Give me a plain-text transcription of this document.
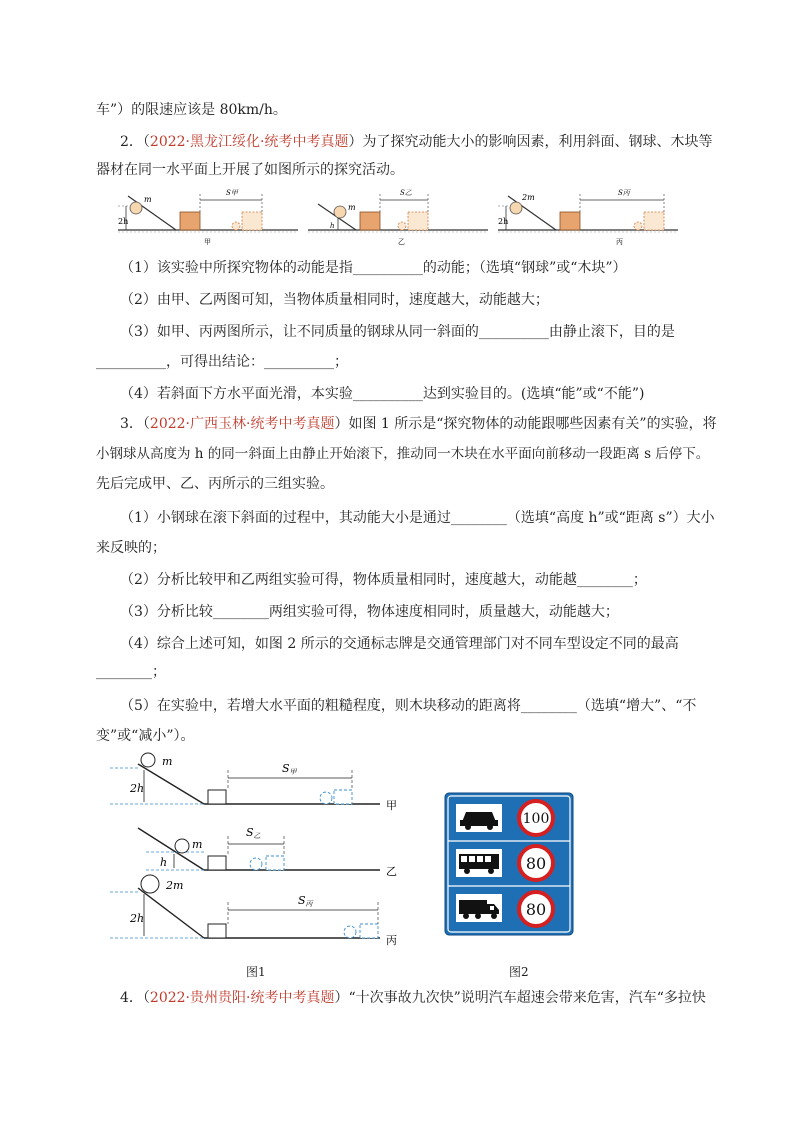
车”）的限速应该是 80km/h。
2．（2022·黑龙江绥化·统考中考真题）为了探究动能大小的影响因素，利用斜面、钢球、木块等
器材在同一水平面上开展了如图所示的探究活动。
2h
m
S甲
甲
h
m
S乙
乙
2h
2m	S丙
丙
（1）该实验中所探究物体的动能是指__________的动能；（选填“钢球”或“木块”）
（2）由甲、乙两图可知，当物体质量相同时，速度越大，动能越大；
（3）如甲、丙两图所示，让不同质量的钢球从同一斜面的__________由静止滚下，目的是
__________，可得出结论：__________；
（4）若斜面下方水平面光滑，本实验__________达到实验目的。(选填“能”或“不能”)
3．（2022·广西玉林·统考中考真题）如图 1 所示是“探究物体的动能跟哪些因素有关”的实验，将
小钢球从高度为 h 的同一斜面上由静止开始滚下，推动同一木块在水平面向前移动一段距离 s 后停下。
先后完成甲、乙、丙所示的三组实验。
（1）小钢球在滚下斜面的过程中，其动能大小是通过________（选填“高度 h”或“距离 s”）大小
来反映的；
（2）分析比较甲和乙两组实验可得，物体质量相同时，速度越大，动能越________；
（3）分析比较________两组实验可得，物体速度相同时，质量越大，动能越大；
（4）综合上述可知，如图 2 所示的交通标志牌是交通管理部门对不同车型设定不同的最高
________；
（5）在实验中，若增大水平面的粗糙程度，则木块移动的距离将________（选填“增大”、“不
变”或“减小”）。
2h
m
S甲
甲
h
m
S乙
乙
2h
2m
S丙
丙
图1
100
80
80
图2
4．（2022·贵州贵阳·统考中考真题）“十次事故九次快”说明汽车超速会带来危害，汽车“多拉快
